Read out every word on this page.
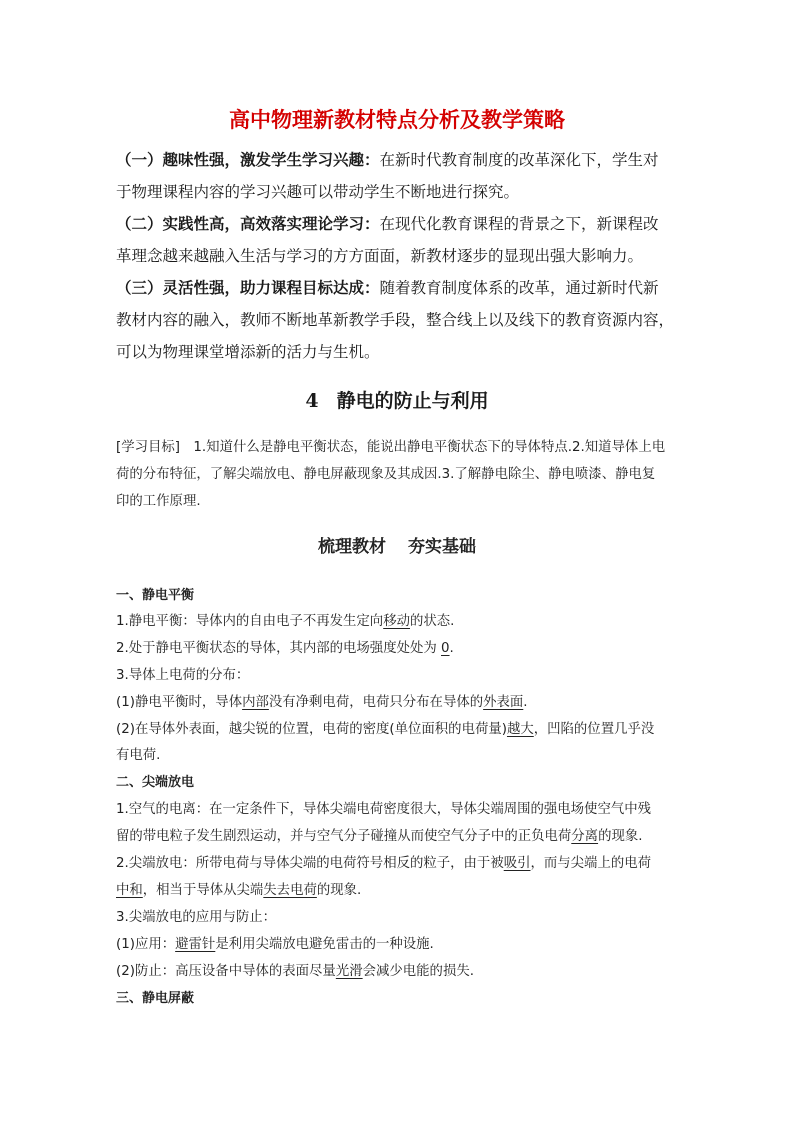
高中物理新教材特点分析及教学策略
（一）趣味性强，激发学生学习兴趣：在新时代教育制度的改革深化下，学生对
于物理课程内容的学习兴趣可以带动学生不断地进行探究。
（二）实践性高，高效落实理论学习：在现代化教育课程的背景之下，新课程改
革理念越来越融入生活与学习的方方面面，新教材逐步的显现出强大影响力。
（三）灵活性强，助力课程目标达成：随着教育制度体系的改革，通过新时代新
教材内容的融入，教师不断地革新教学手段，整合线上以及线下的教育资源内容，
可以为物理课堂增添新的活力与生机。
4 静电的防止与利用
[学习目标]　1.知道什么是静电平衡状态，能说出静电平衡状态下的导体特点.2.知道导体上电
荷的分布特征，了解尖端放电、静电屏蔽现象及其成因.3.了解静电除尘、静电喷漆、静电复
印的工作原理.
梳理教材 夯实基础
一、静电平衡
1.静电平衡：导体内的自由电子不再发生定向移动的状态.
2.处于静电平衡状态的导体，其内部的电场强度处处为 0.
3.导体上电荷的分布：
(1)静电平衡时，导体内部没有净剩电荷，电荷只分布在导体的外表面.
(2)在导体外表面，越尖锐的位置，电荷的密度(单位面积的电荷量)越大，凹陷的位置几乎没
有电荷.
二、尖端放电
1.空气的电离：在一定条件下，导体尖端电荷密度很大，导体尖端周围的强电场使空气中残
留的带电粒子发生剧烈运动，并与空气分子碰撞从而使空气分子中的正负电荷分离的现象.
2.尖端放电：所带电荷与导体尖端的电荷符号相反的粒子，由于被吸引，而与尖端上的电荷
中和，相当于导体从尖端失去电荷的现象.
3.尖端放电的应用与防止：
(1)应用：避雷针是利用尖端放电避免雷击的一种设施.
(2)防止：高压设备中导体的表面尽量光滑会减少电能的损失.
三、静电屏蔽
